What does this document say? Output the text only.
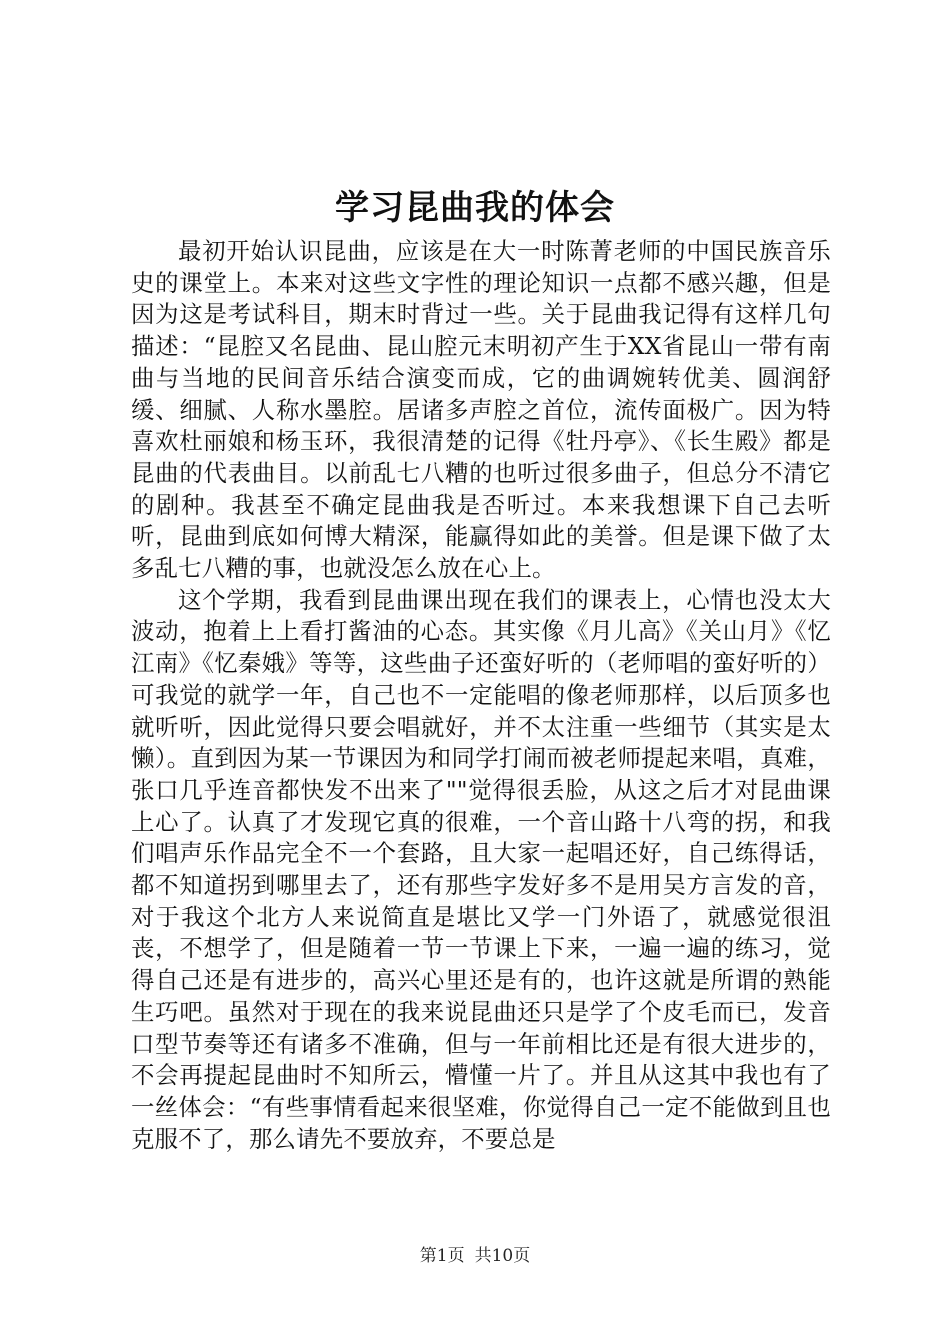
学习昆曲我的体会

最初开始认识昆曲，应该是在大一时陈菁老师的中国民族音乐史的课堂上。本来对这些文字性的理论知识一点都不感兴趣，但是因为这是考试科目，期末时背过一些。关于昆曲我记得有这样几句描述：“昆腔又名昆曲、昆山腔元末明初产生于XX省昆山一带有南曲与当地的民间音乐结合演变而成，它的曲调婉转优美、圆润舒缓、细腻、人称水墨腔。居诸多声腔之首位，流传面极广。因为特喜欢杜丽娘和杨玉环，我很清楚的记得《牡丹亭》、《长生殿》都是昆曲的代表曲目。以前乱七八糟的也听过很多曲子，但总分不清它的剧种。我甚至不确定昆曲我是否听过。本来我想课下自己去听听，昆曲到底如何博大精深，能赢得如此的美誉。但是课下做了太多乱七八糟的事，也就没怎么放在心上。

这个学期，我看到昆曲课出现在我们的课表上，心情也没太大波动，抱着上上看打酱油的心态。其实像《月儿高》《关山月》《忆江南》《忆秦娥》等等，这些曲子还蛮好听的（老师唱的蛮好听的）可我觉的就学一年，自己也不一定能唱的像老师那样，以后顶多也就听听，因此觉得只要会唱就好，并不太注重一些细节（其实是太懒）。直到因为某一节课因为和同学打闹而被老师提起来唱，真难，张口几乎连音都快发不出来了""觉得很丢脸，从这之后才对昆曲课上心了。认真了才发现它真的很难，一个音山路十八弯的拐，和我们唱声乐作品完全不一个套路，且大家一起唱还好，自己练得话，都不知道拐到哪里去了，还有那些字发好多不是用吴方言发的音，对于我这个北方人来说简直是堪比又学一门外语了，就感觉很沮丧，不想学了，但是随着一节一节课上下来，一遍一遍的练习，觉得自己还是有进步的，高兴心里还是有的，也许这就是所谓的熟能生巧吧。虽然对于现在的我来说昆曲还只是学了个皮毛而已，发音口型节奏等还有诸多不准确，但与一年前相比还是有很大进步的，不会再提起昆曲时不知所云，懵懂一片了。并且从这其中我也有了一丝体会：“有些事情看起来很坚难，你觉得自己一定不能做到且也克服不了，那么请先不要放弃，不要总是

第1页 共10页
